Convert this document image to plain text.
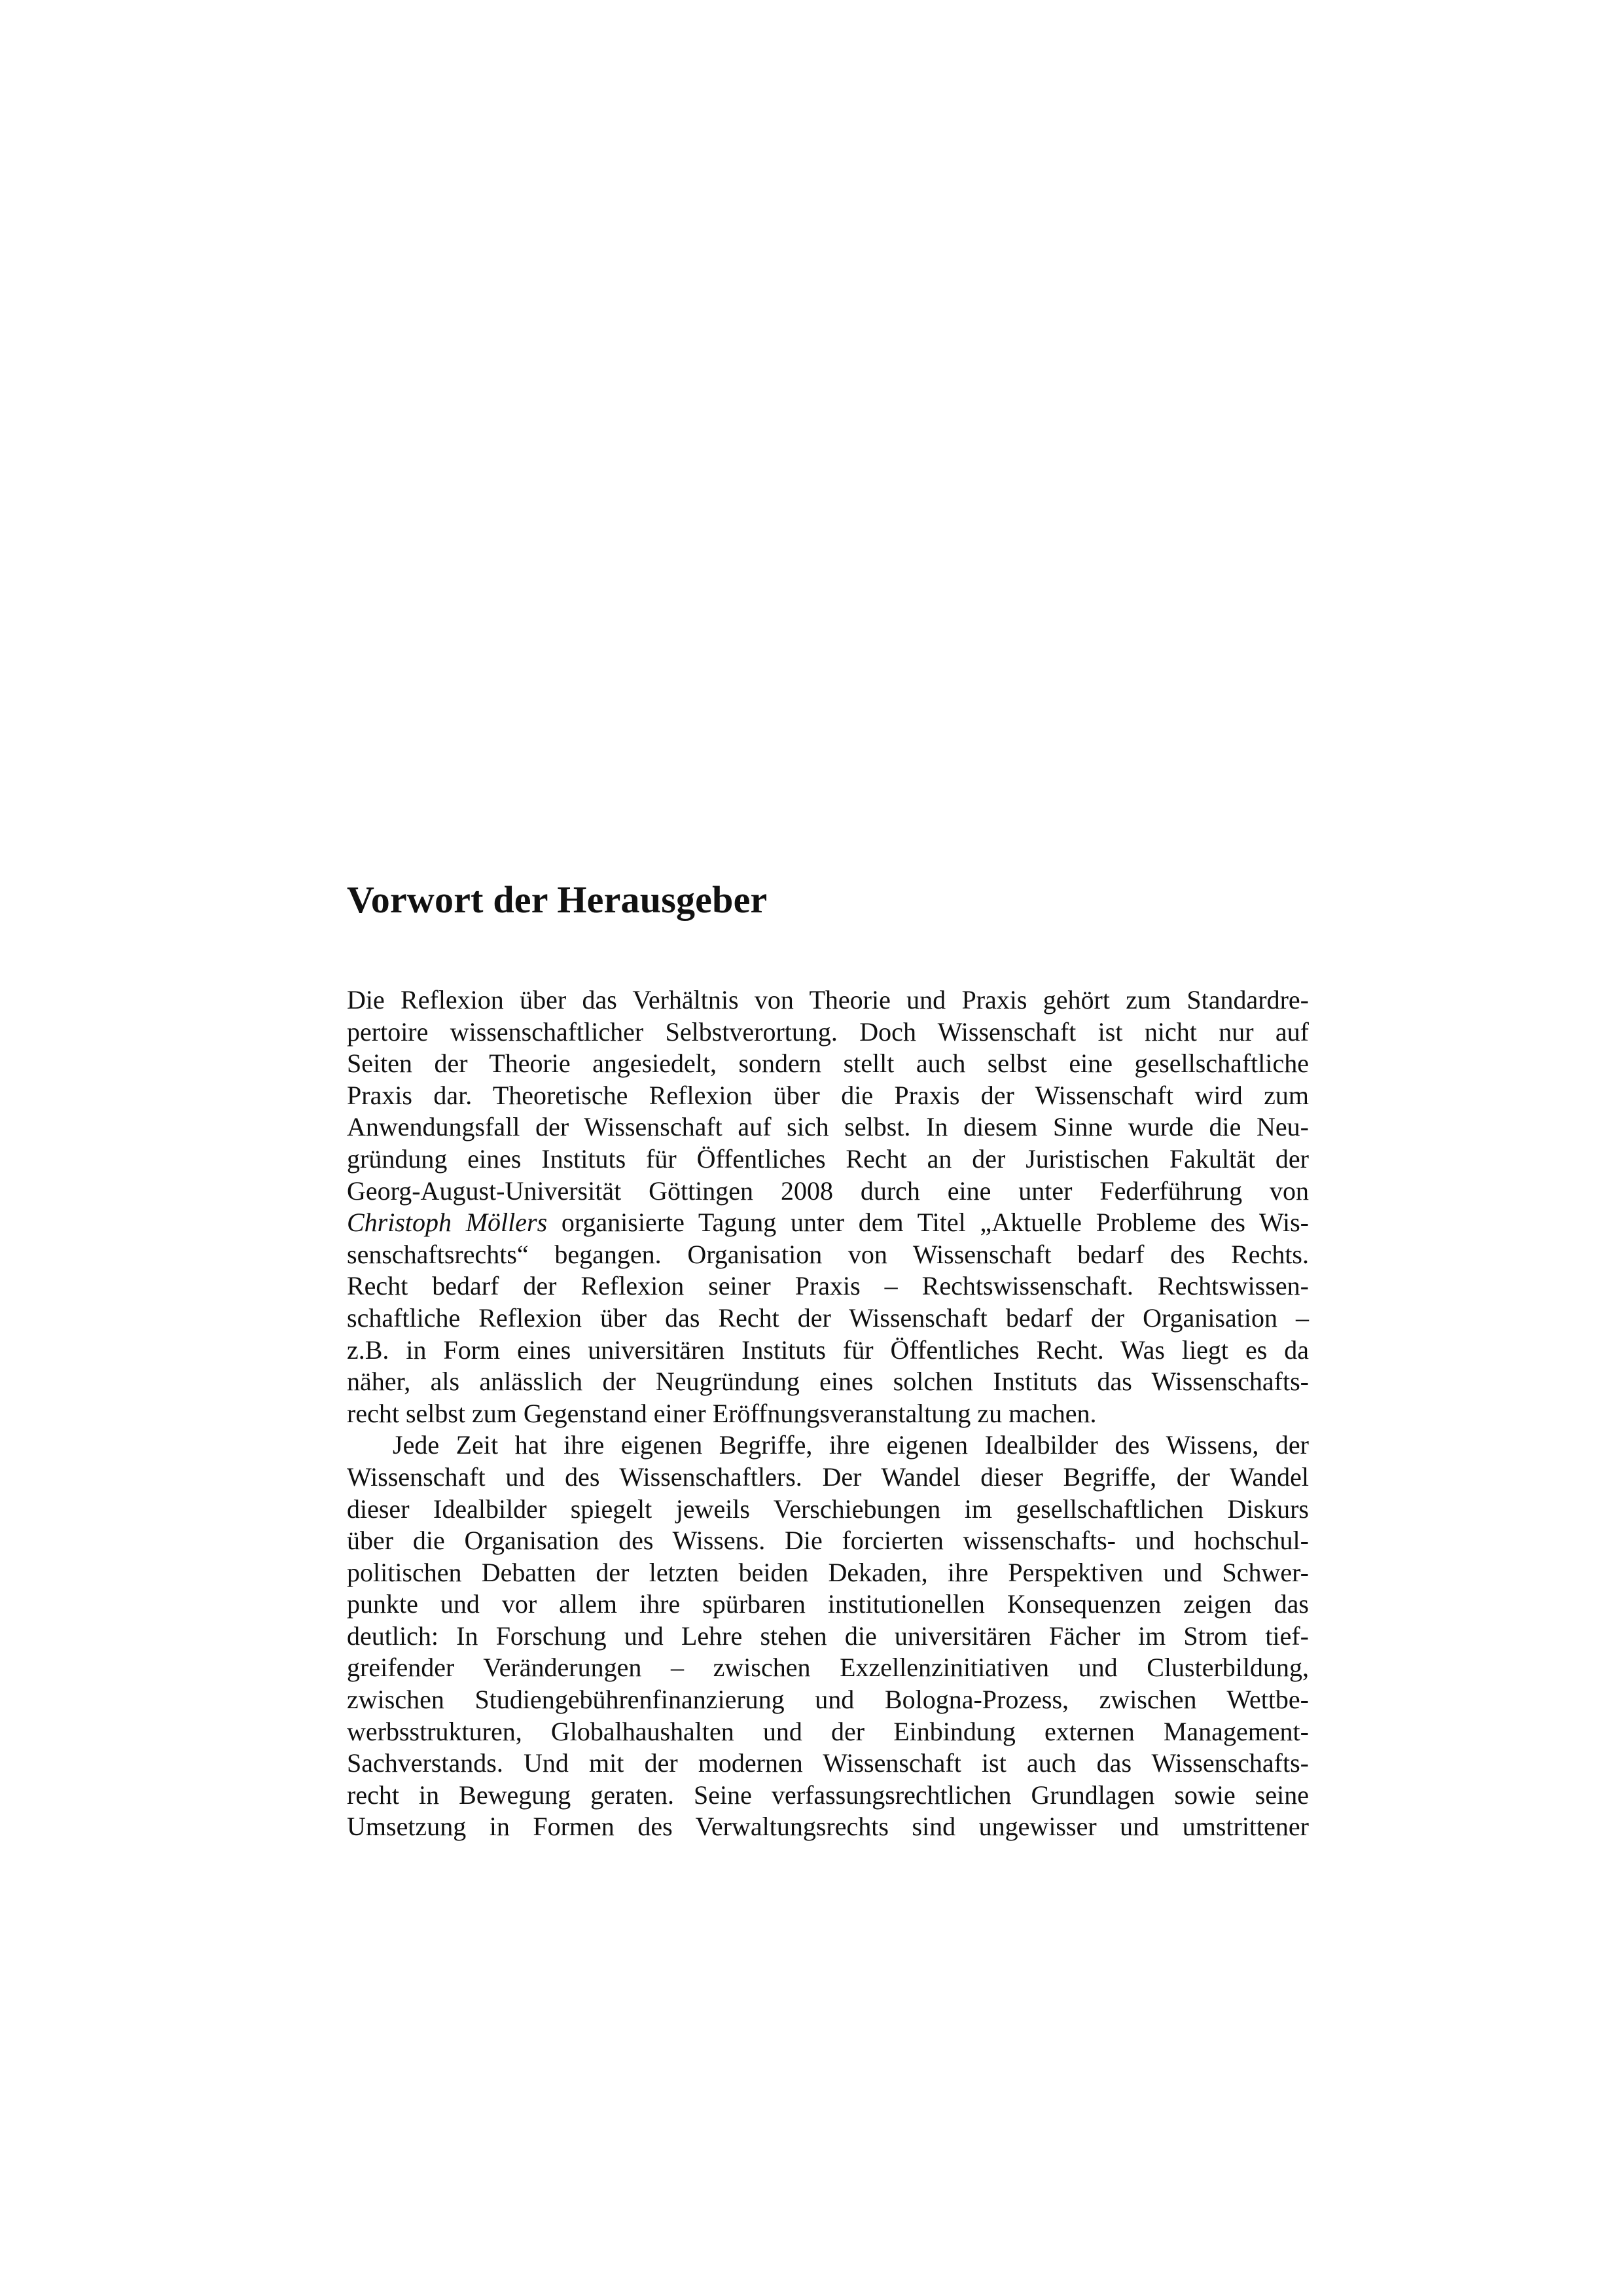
Vorwort der Herausgeber
Die Reflexion über das Verhältnis von Theorie und Praxis gehört zum Standardre-
pertoire wissenschaftlicher Selbstverortung. Doch Wissenschaft ist nicht nur auf
Seiten der Theorie angesiedelt, sondern stellt auch selbst eine gesellschaftliche
Praxis dar. Theoretische Reflexion über die Praxis der Wissenschaft wird zum
Anwendungsfall der Wissenschaft auf sich selbst. In diesem Sinne wurde die Neu-
gründung eines Instituts für Öffentliches Recht an der Juristischen Fakultät der
Georg-August-Universität Göttingen 2008 durch eine unter Federführung von
Christoph Möllers organisierte Tagung unter dem Titel „Aktuelle Probleme des Wis-
senschaftsrechts“ begangen. Organisation von Wissenschaft bedarf des Rechts.
Recht bedarf der Reflexion seiner Praxis – Rechtswissenschaft. Rechtswissen-
schaftliche Reflexion über das Recht der Wissenschaft bedarf der Organisation –
z.B. in Form eines universitären Instituts für Öffentliches Recht. Was liegt es da
näher, als anlässlich der Neugründung eines solchen Instituts das Wissenschafts-
recht selbst zum Gegenstand einer Eröffnungsveranstaltung zu machen.
Jede Zeit hat ihre eigenen Begriffe, ihre eigenen Idealbilder des Wissens, der
Wissenschaft und des Wissenschaftlers. Der Wandel dieser Begriffe, der Wandel
dieser Idealbilder spiegelt jeweils Verschiebungen im gesellschaftlichen Diskurs
über die Organisation des Wissens. Die forcierten wissenschafts- und hochschul-
politischen Debatten der letzten beiden Dekaden, ihre Perspektiven und Schwer-
punkte und vor allem ihre spürbaren institutionellen Konsequenzen zeigen das
deutlich: In Forschung und Lehre stehen die universitären Fächer im Strom tief-
greifender Veränderungen – zwischen Exzellenzinitiativen und Clusterbildung,
zwischen Studiengebührenfinanzierung und Bologna-Prozess, zwischen Wettbe-
werbsstrukturen, Globalhaushalten und der Einbindung externen Management-
Sachverstands. Und mit der modernen Wissenschaft ist auch das Wissenschafts-
recht in Bewegung geraten. Seine verfassungsrechtlichen Grundlagen sowie seine
Umsetzung in Formen des Verwaltungsrechts sind ungewisser und umstrittener
